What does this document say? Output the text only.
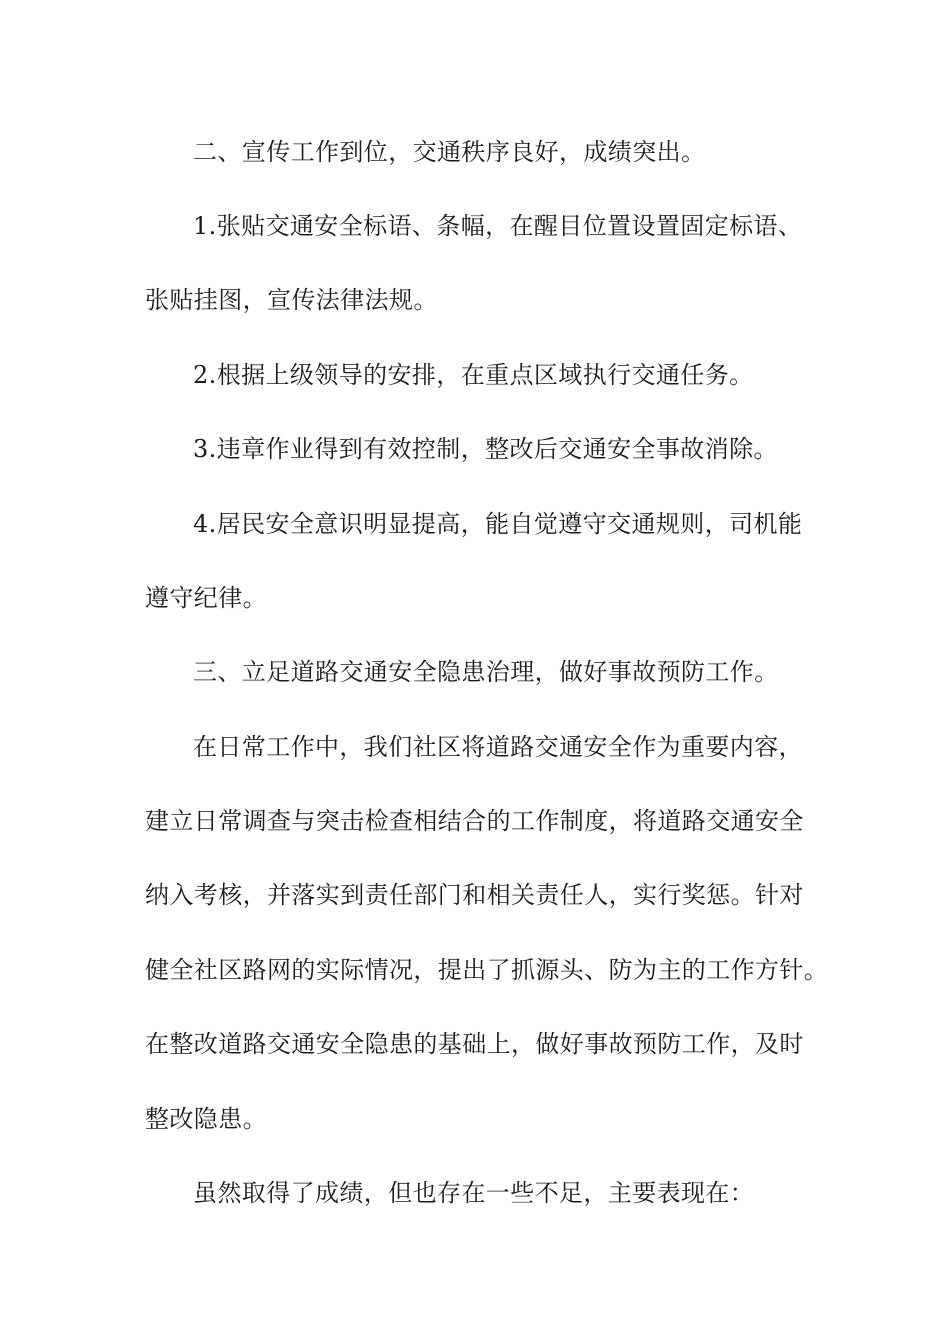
二、宣传工作到位，交通秩序良好，成绩突出。
1.张贴交通安全标语、条幅，在醒目位置设置固定标语、
张贴挂图，宣传法律法规。
2.根据上级领导的安排，在重点区域执行交通任务。
3.违章作业得到有效控制，整改后交通安全事故消除。
4.居民安全意识明显提高，能自觉遵守交通规则，司机能
遵守纪律。
三、立足道路交通安全隐患治理，做好事故预防工作。
在日常工作中，我们社区将道路交通安全作为重要内容，
建立日常调查与突击检查相结合的工作制度，将道路交通安全
纳入考核，并落实到责任部门和相关责任人，实行奖惩。针对
健全社区路网的实际情况，提出了抓源头、防为主的工作方针。
在整改道路交通安全隐患的基础上，做好事故预防工作，及时
整改隐患。
虽然取得了成绩，但也存在一些不足，主要表现在：
